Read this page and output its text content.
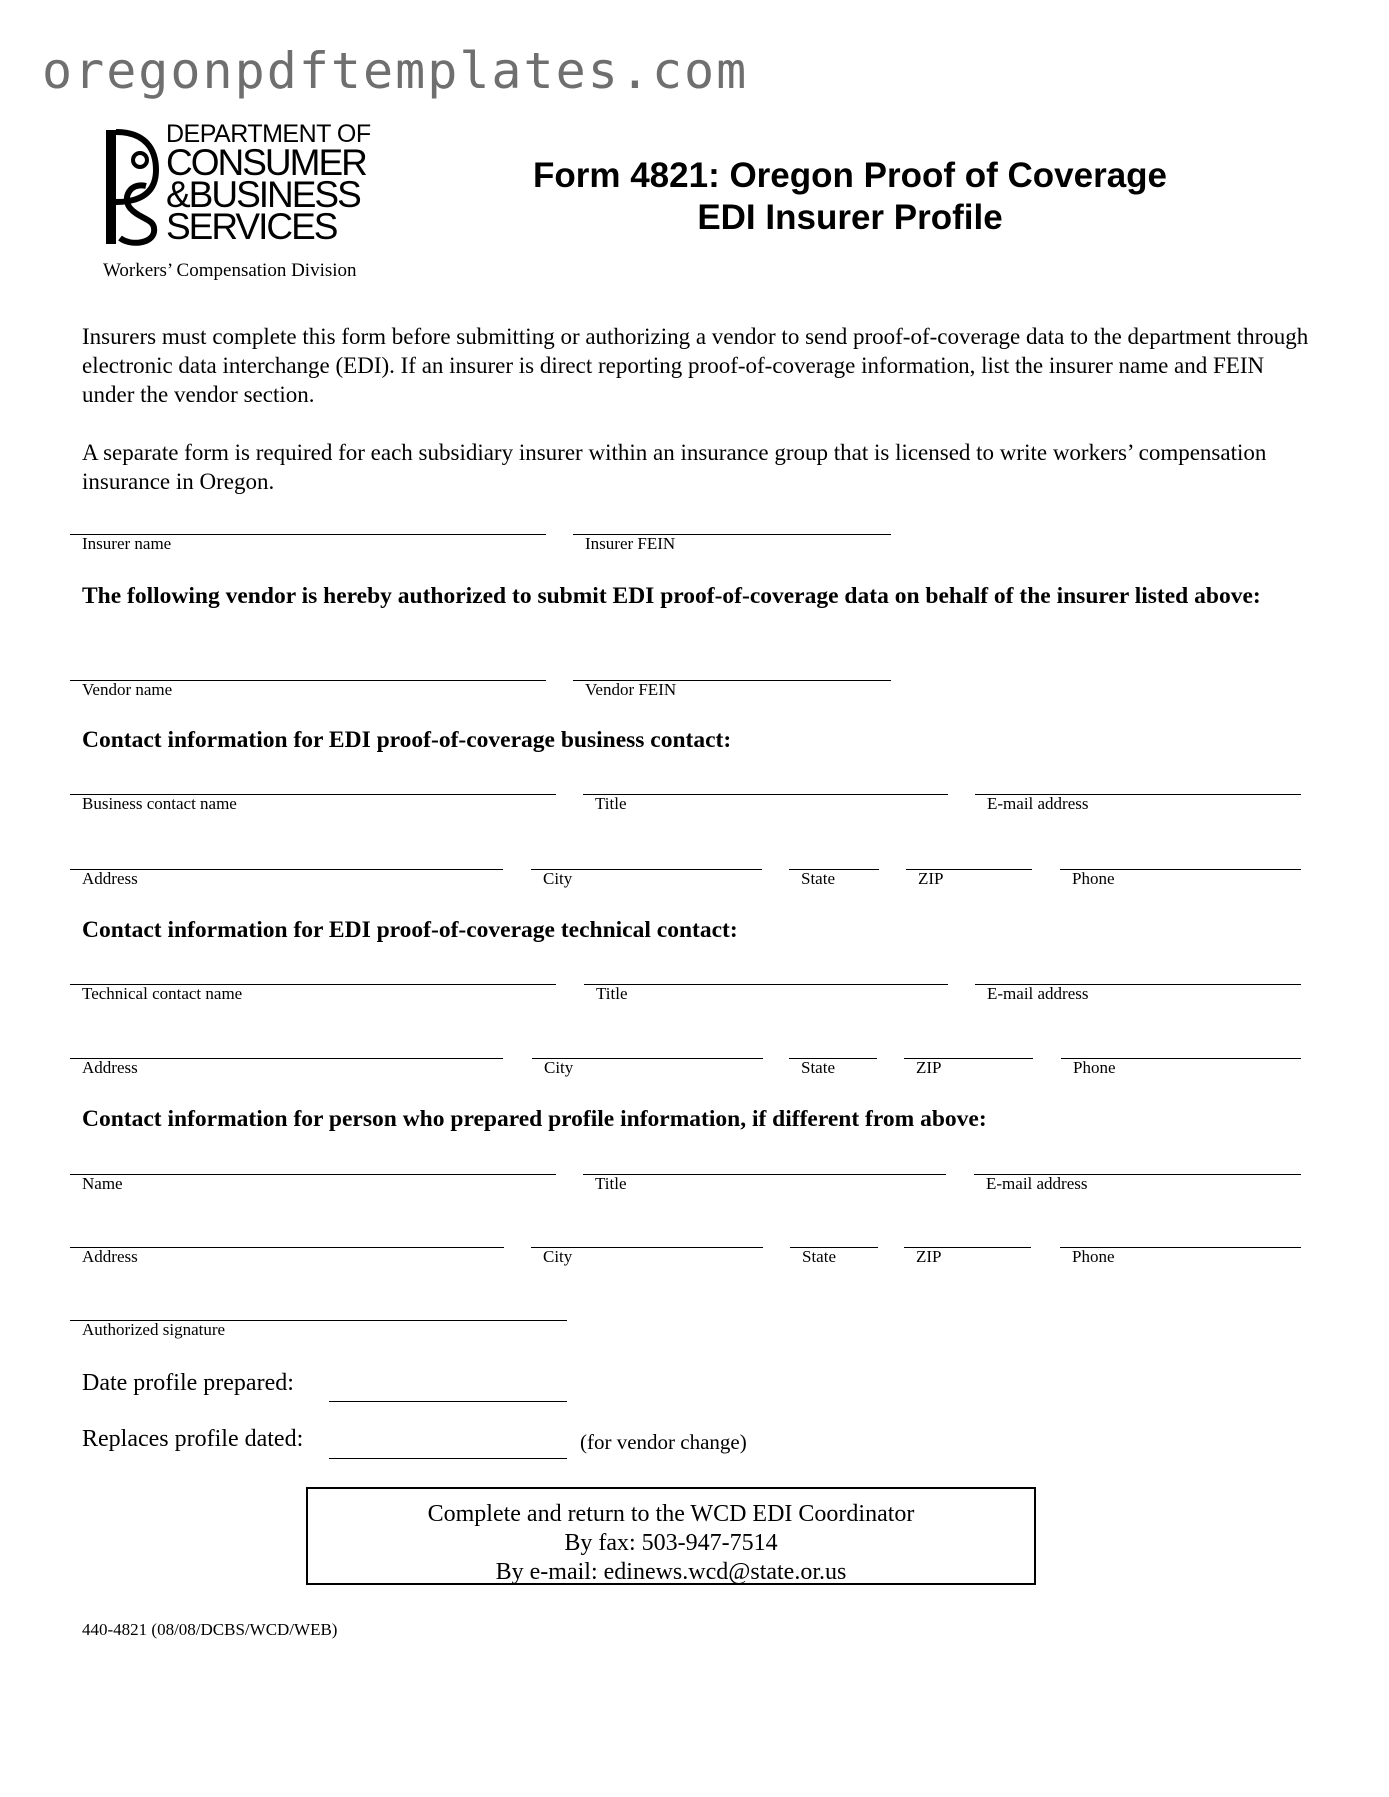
oregonpdftemplates.com
DEPARTMENT OF
CONSUMER
&BUSINESS
SERVICES
Workers’ Compensation Division
Form 4821: Oregon Proof of Coverage
EDI Insurer Profile
Insurers must complete this form before submitting or authorizing a vendor to send proof-of-coverage data to the department through electronic data interchange (EDI). If an insurer is direct reporting proof-of-coverage information, list the insurer name and FEIN under the vendor section.
A separate form is required for each subsidiary insurer within an insurance group that is licensed to write workers’ compensation insurance in Oregon.
Insurer name	Insurer FEIN
The following vendor is hereby authorized to submit EDI proof-of-coverage data on behalf of the insurer listed above:
Vendor name	Vendor FEIN
Contact information for EDI proof-of-coverage business contact:
Business contact name	Title	E-mail address
Address	City	State	ZIP	Phone
Contact information for EDI proof-of-coverage technical contact:
Technical contact name	Title	E-mail address
Address	City	State	ZIP	Phone
Contact information for person who prepared profile information, if different from above:
Name	Title	E-mail address
Address	City	State	ZIP	Phone
Authorized signature
Date profile prepared:
Replaces profile dated:	(for vendor change)
Complete and return to the WCD EDI Coordinator
By fax: 503-947-7514
By e-mail: edinews.wcd@state.or.us
440-4821 (08/08/DCBS/WCD/WEB)
